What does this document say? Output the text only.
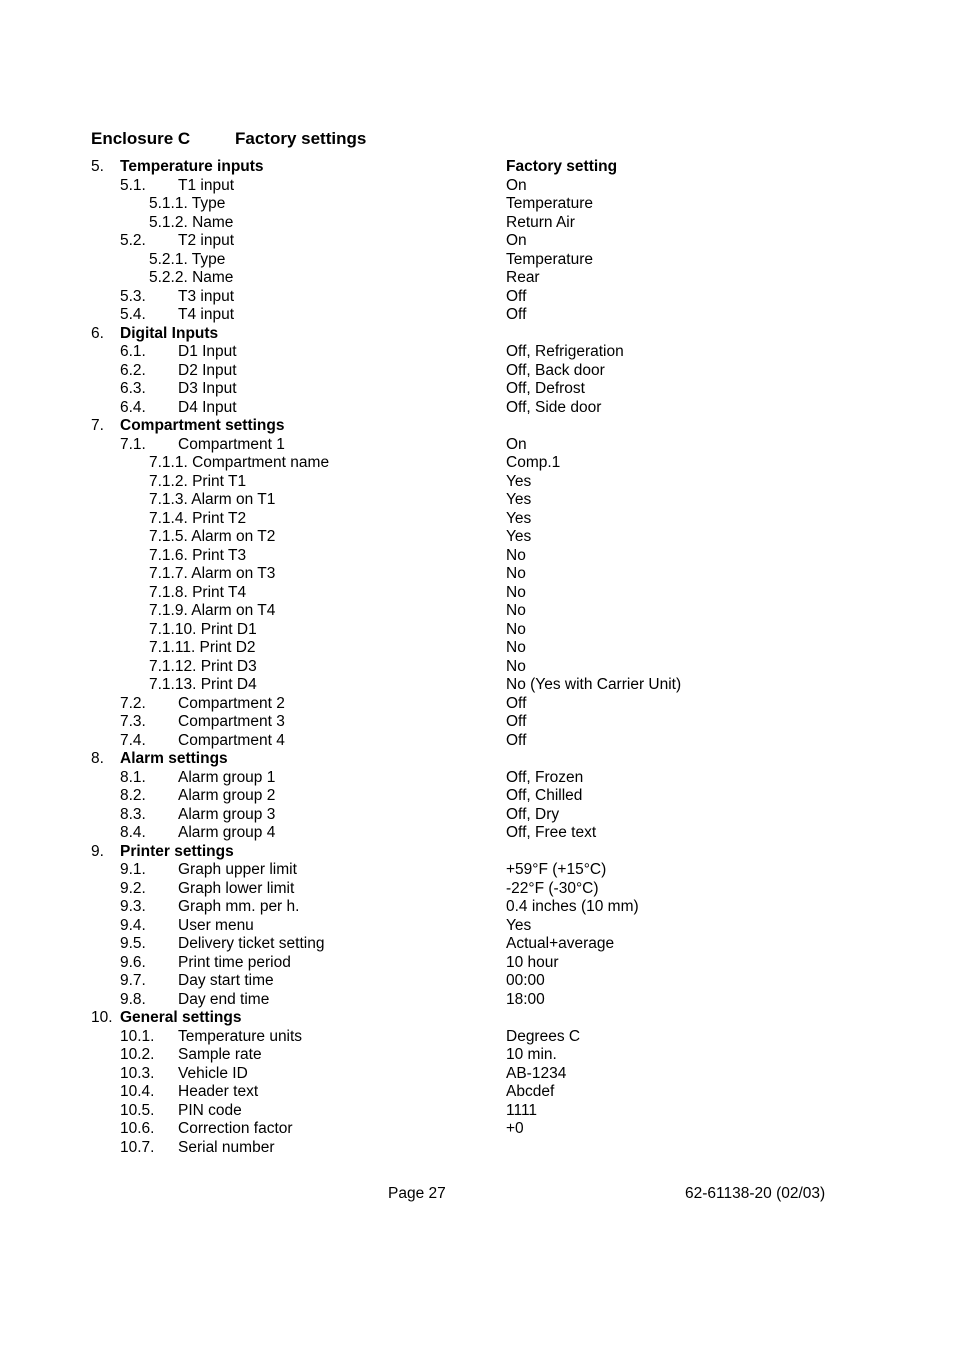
Enclosure C	Factory settings
5. Temperature inputs	Factory setting
5.1. T1 input	On
5.1.1. Type	Temperature
5.1.2. Name	Return Air
5.2. T2 input	On
5.2.1. Type	Temperature
5.2.2. Name	Rear
5.3. T3 input	Off
5.4. T4 input	Off
6. Digital Inputs
6.1. D1 Input	Off, Refrigeration
6.2. D2 Input	Off, Back door
6.3. D3 Input	Off, Defrost
6.4. D4 Input	Off, Side door
7. Compartment settings
7.1. Compartment 1	On
7.1.1. Compartment name	Comp.1
7.1.2. Print T1	Yes
7.1.3. Alarm on T1	Yes
7.1.4. Print T2	Yes
7.1.5. Alarm on T2	Yes
7.1.6. Print T3	No
7.1.7. Alarm on T3	No
7.1.8. Print T4	No
7.1.9. Alarm on T4	No
7.1.10. Print D1	No
7.1.11. Print D2	No
7.1.12. Print D3	No
7.1.13. Print D4	No (Yes with Carrier Unit)
7.2. Compartment 2	Off
7.3. Compartment 3	Off
7.4. Compartment 4	Off
8. Alarm settings
8.1. Alarm group 1	Off, Frozen
8.2. Alarm group 2	Off, Chilled
8.3. Alarm group 3	Off, Dry
8.4. Alarm group 4	Off, Free text
9. Printer settings
9.1. Graph upper limit	+59°F (+15°C)
9.2. Graph lower limit	-22°F (-30°C)
9.3. Graph mm. per h.	0.4 inches (10 mm)
9.4. User menu	Yes
9.5. Delivery ticket setting	Actual+average
9.6. Print time period	10 hour
9.7. Day start time	00:00
9.8. Day end time	18:00
10. General settings
10.1. Temperature units	Degrees C
10.2. Sample rate	10 min.
10.3. Vehicle ID	AB-1234
10.4. Header text	Abcdef
10.5. PIN code	1111
10.6. Correction factor	+0
10.7. Serial number
Page 27	62-61138-20 (02/03)
